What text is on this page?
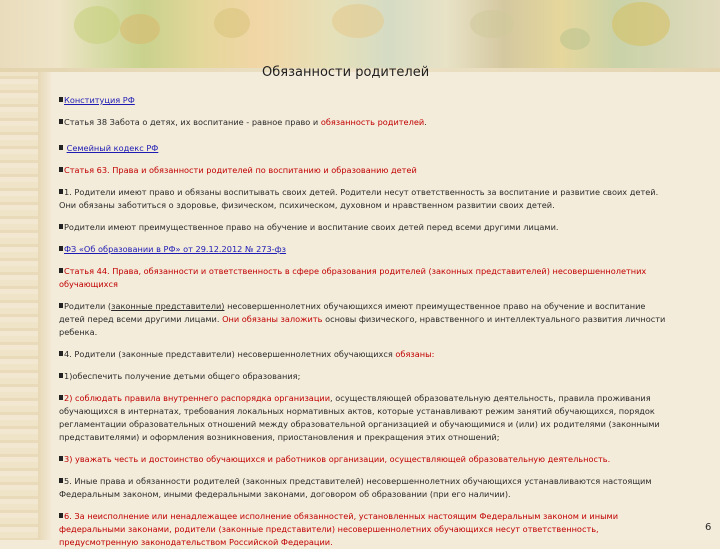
Обязанности родителей

Конституция РФ

Статья 38 Забота о детях, их воспитание - равное право и обязанность родителей.

Семейный кодекс РФ

Статья 63. Права и обязанности родителей по воспитанию и образованию детей

1. Родители имеют право и обязаны воспитывать своих детей. Родители несут ответственность за воспитание и развитие своих детей. Они обязаны заботиться о здоровье, физическом, психическом, духовном и нравственном развитии своих детей.

Родители имеют преимущественное право на обучение и воспитание своих детей перед всеми другими лицами.

ФЗ «Об образовании в РФ» от 29.12.2012 № 273-фз

Статья 44. Права, обязанности и ответственность в сфере образования родителей (законных представителей) несовершеннолетних обучающихся

Родители (законные представители) несовершеннолетних обучающихся имеют преимущественное право на обучение и воспитание детей перед всеми другими лицами. Они обязаны заложить основы физического, нравственного и интеллектуального развития личности ребенка.

4. Родители (законные представители) несовершеннолетних обучающихся обязаны:

1)обеспечить получение детьми общего образования;

2) соблюдать правила внутреннего распорядка организации, осуществляющей образовательную деятельность, правила проживания обучающихся в интернатах, требования локальных нормативных актов, которые устанавливают режим занятий обучающихся, порядок регламентации образовательных отношений между образовательной организацией и обучающимися и (или) их родителями (законными представителями) и оформления возникновения, приостановления и прекращения этих отношений;

3) уважать честь и достоинство обучающихся и работников организации, осуществляющей образовательную деятельность.

5. Иные права и обязанности родителей (законных представителей) несовершеннолетних обучающихся устанавливаются настоящим Федеральным законом, иными федеральными законами, договором об образовании (при его наличии).

6. За неисполнение или ненадлежащее исполнение обязанностей, установленных настоящим Федеральным законом и иными федеральными законами, родители (законные представители) несовершеннолетних обучающихся несут ответственность, предусмотренную законодательством Российской Федерации.

6
